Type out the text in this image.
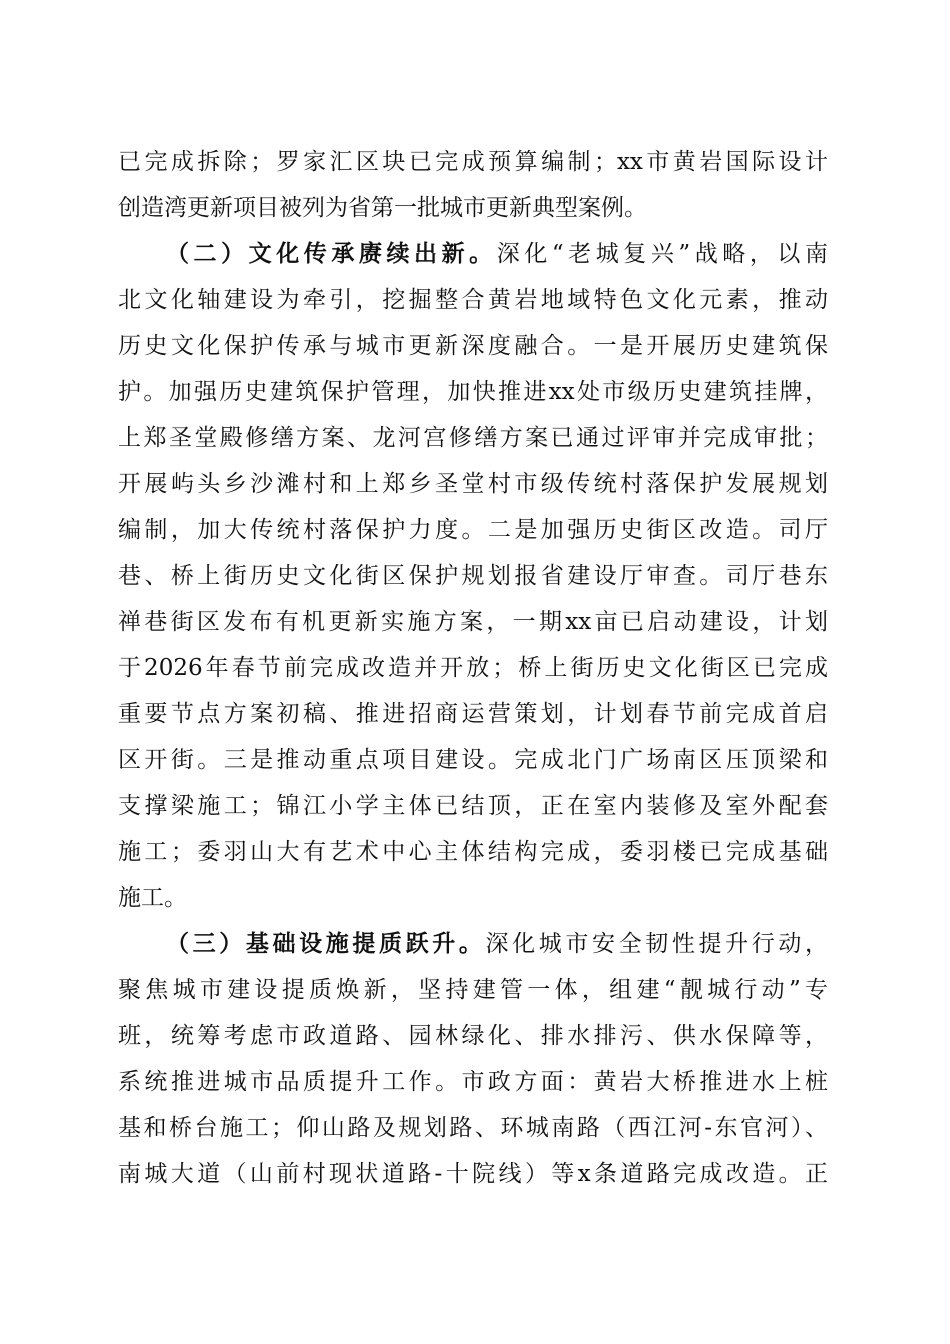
已完成拆除；罗家汇区块已完成预算编制；xx市黄岩国际设计
创造湾更新项目被列为省第一批城市更新典型案例。
（二）文化传承赓续出新。深化“老城复兴”战略，以南
北文化轴建设为牵引，挖掘整合黄岩地域特色文化元素，推动
历史文化保护传承与城市更新深度融合。一是开展历史建筑保
护。加强历史建筑保护管理，加快推进xx处市级历史建筑挂牌，
上郑圣堂殿修缮方案、龙河宫修缮方案已通过评审并完成审批；
开展屿头乡沙滩村和上郑乡圣堂村市级传统村落保护发展规划
编制，加大传统村落保护力度。二是加强历史街区改造。司厅
巷、桥上街历史文化街区保护规划报省建设厅审查。司厅巷东
禅巷街区发布有机更新实施方案，一期xx亩已启动建设，计划
于2026年春节前完成改造并开放；桥上街历史文化街区已完成
重要节点方案初稿、推进招商运营策划，计划春节前完成首启
区开街。三是推动重点项目建设。完成北门广场南区压顶梁和
支撑梁施工；锦江小学主体已结顶，正在室内装修及室外配套
施工；委羽山大有艺术中心主体结构完成，委羽楼已完成基础
施工。
（三）基础设施提质跃升。深化城市安全韧性提升行动，
聚焦城市建设提质焕新，坚持建管一体，组建“靓城行动”专
班，统筹考虑市政道路、园林绿化、排水排污、供水保障等，
系统推进城市品质提升工作。市政方面：黄岩大桥推进水上桩
基和桥台施工；仰山路及规划路、环城南路（西江河-东官河）、
南城大道（山前村现状道路-十院线）等x条道路完成改造。正
